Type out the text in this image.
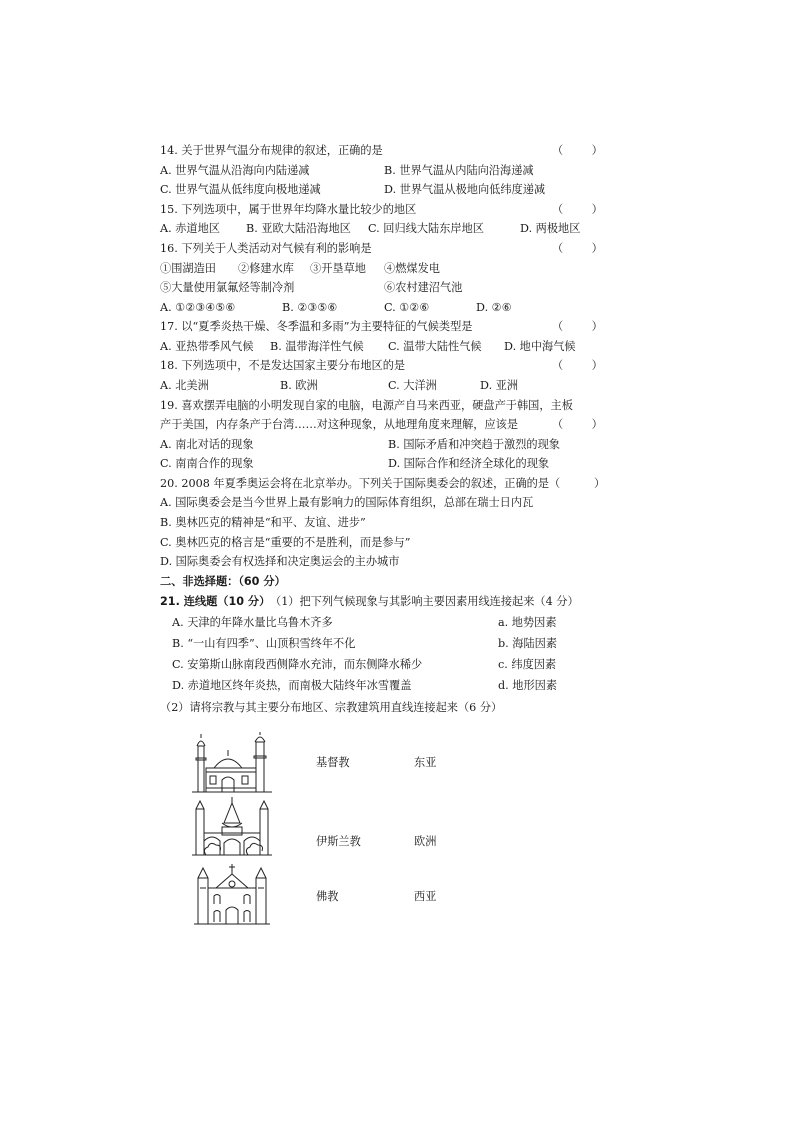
14. 关于世界气温分布规律的叙述，正确的是	（        ）
A. 世界气温从沿海向内陆递减	B. 世界气温从内陆向沿海递减
C. 世界气温从低纬度向极地递减	D. 世界气温从极地向低纬度递减
15. 下列选项中，属于世界年均降水量比较少的地区	（        ）
A. 赤道地区 B. 亚欧大陆沿海地区 C. 回归线大陆东岸地区	D. 两极地区
16. 下列关于人类活动对气候有利的影响是	（        ）
①围湖造田 ②修建水库 ③开垦草地 ④燃煤发电
⑤大量使用氯氟烃等制冷剂	⑥农村建沼气池
A. ①②③④⑤⑥	B. ②③⑤⑥	C. ①②⑥	D. ②⑥
17. 以“夏季炎热干燥、冬季温和多雨”为主要特征的气候类型是	（        ）
A. 亚热带季风气候 B. 温带海洋性气候 C. 温带大陆性气候 D. 地中海气候
18. 下列选项中，不是发达国家主要分布地区的是	（        ）
A. 北美洲	B. 欧洲	C. 大洋洲	D. 亚洲
19. 喜欢摆弄电脑的小明发现自家的电脑，电源产自马来西亚，硬盘产于韩国，主板
产于美国，内存条产于台湾……对这种现象，从地理角度来理解，应该是	（        ）
A. 南北对话的现象	B. 国际矛盾和冲突趋于激烈的现象
C. 南南合作的现象	D. 国际合作和经济全球化的现象
20. 2008 年夏季奥运会将在北京举办。下列关于国际奥委会的叙述，正确的是（	）
A. 国际奥委会是当今世界上最有影响力的国际体育组织，总部在瑞士日内瓦
B. 奥林匹克的精神是“和平、友谊、进步”
C. 奥林匹克的格言是“重要的不是胜利，而是参与”
D. 国际奥委会有权选择和决定奥运会的主办城市
二、非选择题：（60 分）
21. 连线题（10 分） （1）把下列气候现象与其影响主要因素用线连接起来（4 分）
A. 天津的年降水量比乌鲁木齐多	a. 地势因素
B. “一山有四季”、山顶积雪终年不化	b. 海陆因素
C. 安第斯山脉南段西侧降水充沛，而东侧降水稀少	c. 纬度因素
D. 赤道地区终年炎热，而南极大陆终年冰雪覆盖	d. 地形因素
（2）请将宗教与其主要分布地区、宗教建筑用直线连接起来（6 分）
基督教	东亚
伊斯兰教	欧洲
佛教	西亚
